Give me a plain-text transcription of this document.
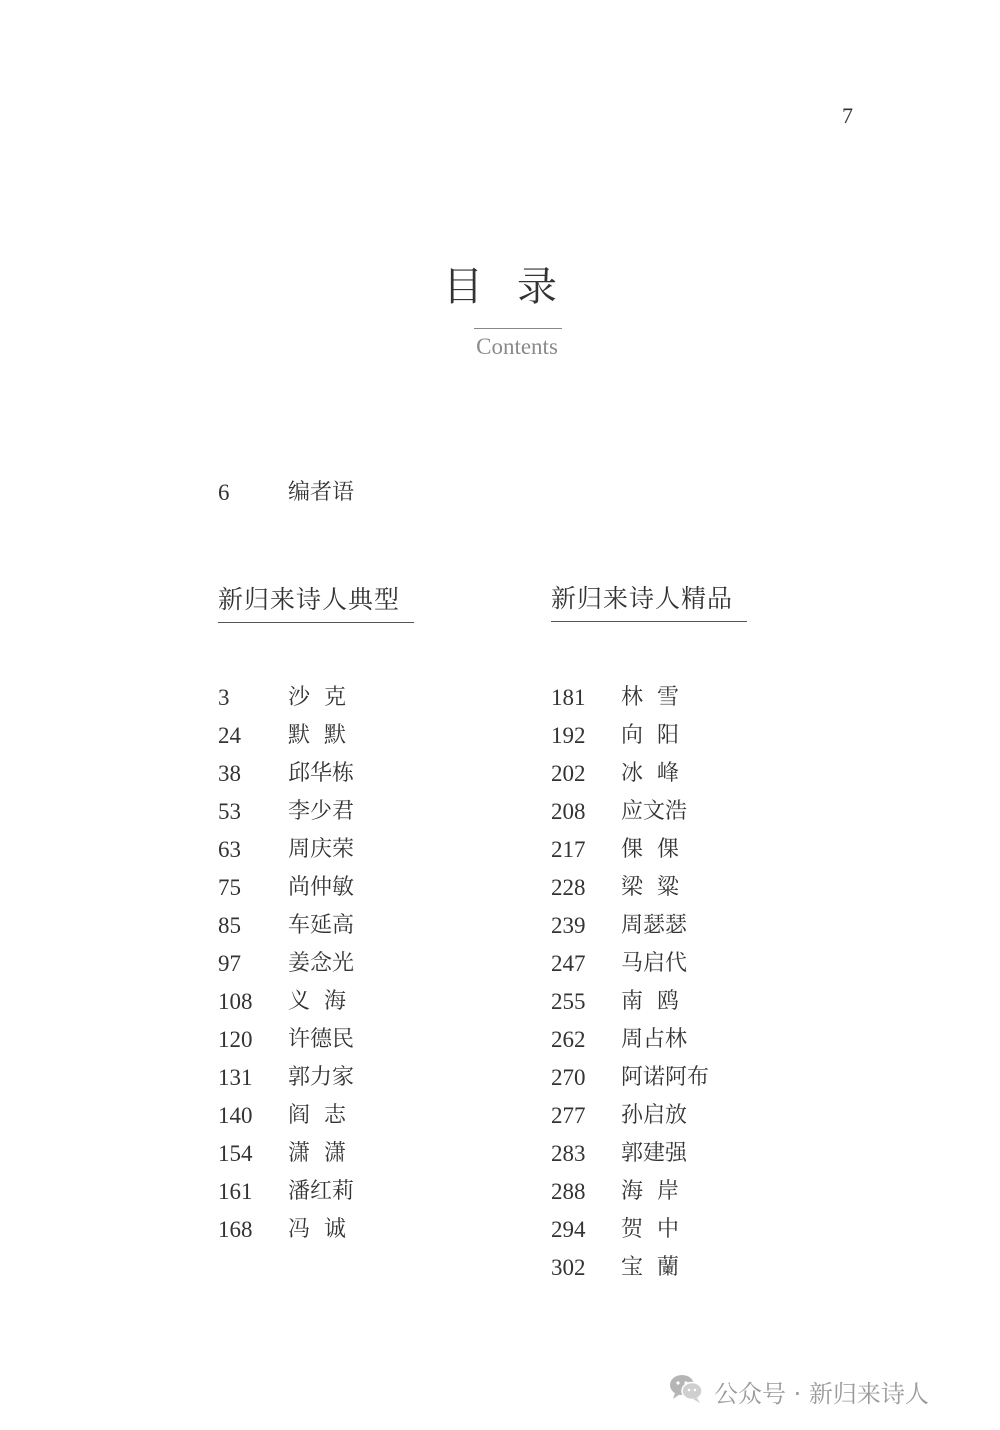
7
目录
Contents
6	编者语
新归来诗人典型	新归来诗人精品
3	沙  克
24 默  默
38 邱华栋
53 李少君
63 周庆荣
75 尚仲敏
85 车延高
97 姜念光
108 义  海
120 许德民
131 郭力家
140 阎  志
154 潇  潇
161 潘红莉
168 冯  诚
181 林  雪
192 向  阳
202 冰  峰
208 应文浩
217 倮  倮
228 梁  粱
239 周瑟瑟
247 马启代
255 南  鸥
262 周占林
270 阿诺阿布
277 孙启放
283 郭建强
288 海  岸
294 贺  中
302 宝  蘭
公众号 · 新归来诗人
